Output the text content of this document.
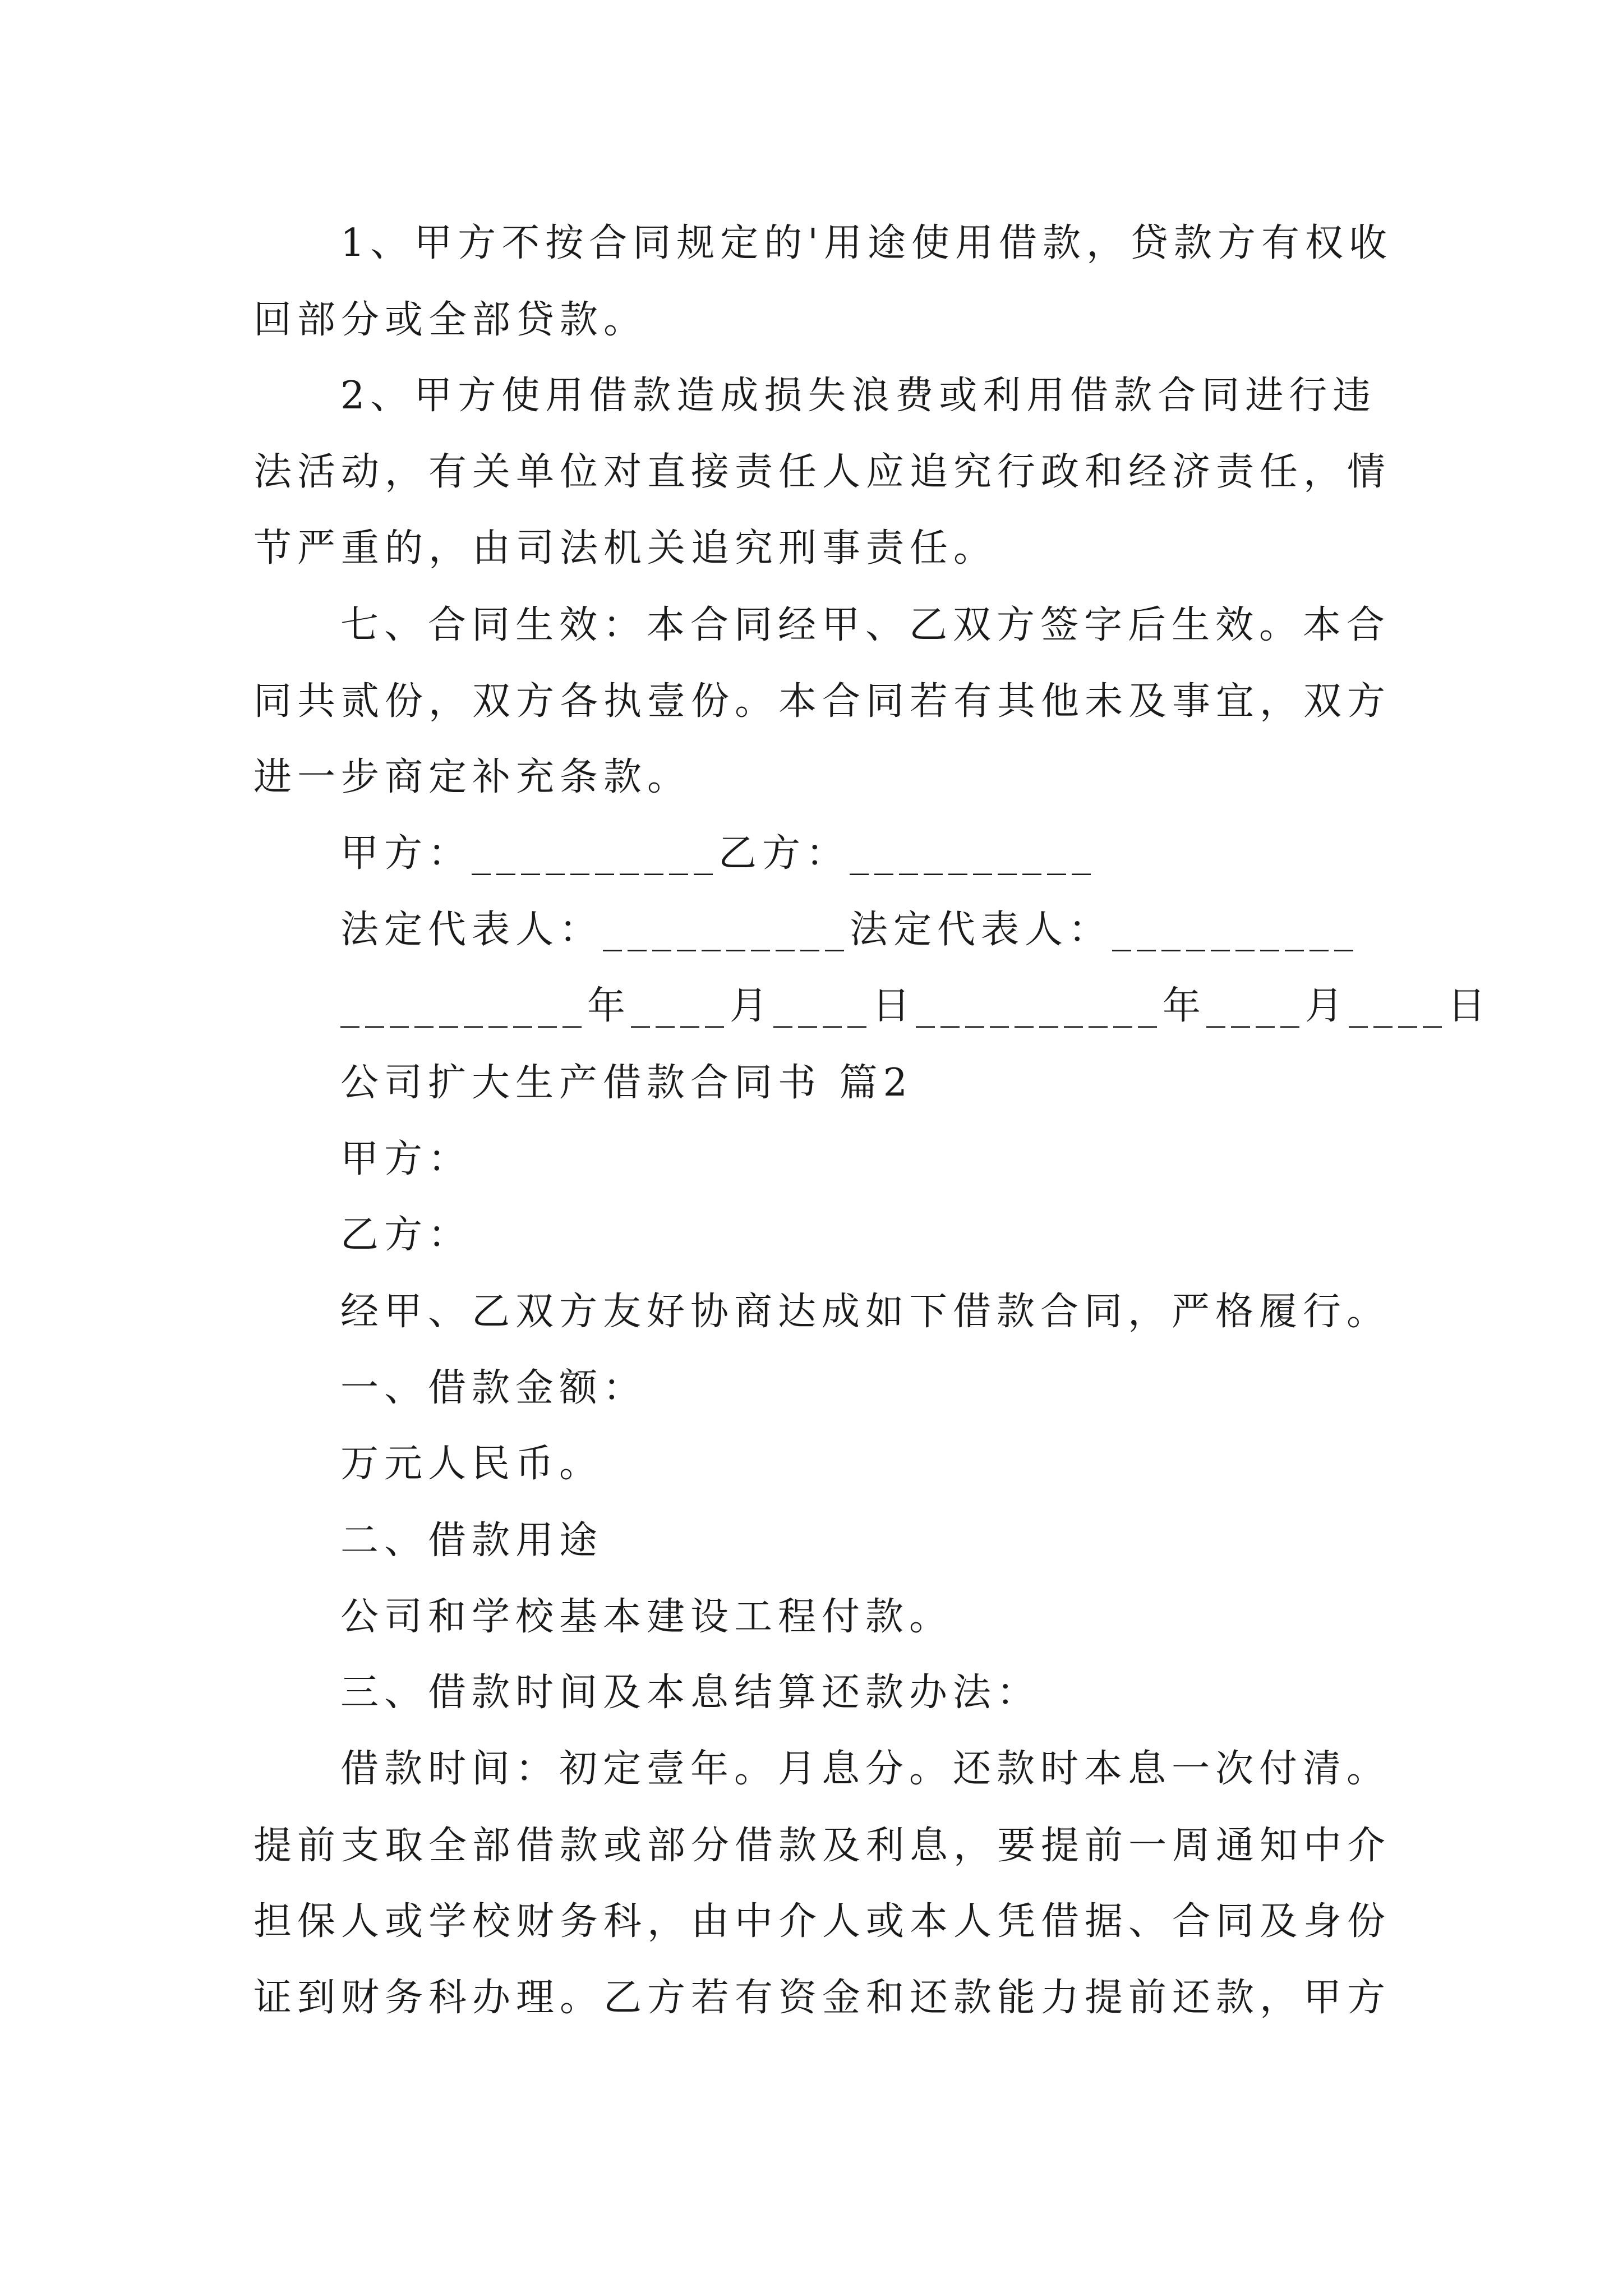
1、甲方不按合同规定的'用途使用借款，贷款方有权收
回部分或全部贷款。
2、甲方使用借款造成损失浪费或利用借款合同进行违
法活动，有关单位对直接责任人应追究行政和经济责任，情
节严重的，由司法机关追究刑事责任。
七、合同生效：本合同经甲、乙双方签字后生效。本合
同共贰份，双方各执壹份。本合同若有其他未及事宜，双方
进一步商定补充条款。
甲方：__________乙方：__________
法定代表人：__________法定代表人：__________
__________年____月____日__________年____月____日
公司扩大生产借款合同书 篇2
甲方：
乙方：
经甲、乙双方友好协商达成如下借款合同，严格履行。
一、借款金额：
万元人民币。
二、借款用途
公司和学校基本建设工程付款。
三、借款时间及本息结算还款办法：
借款时间：初定壹年。月息分。还款时本息一次付清。
提前支取全部借款或部分借款及利息，要提前一周通知中介
担保人或学校财务科，由中介人或本人凭借据、合同及身份
证到财务科办理。乙方若有资金和还款能力提前还款，甲方
